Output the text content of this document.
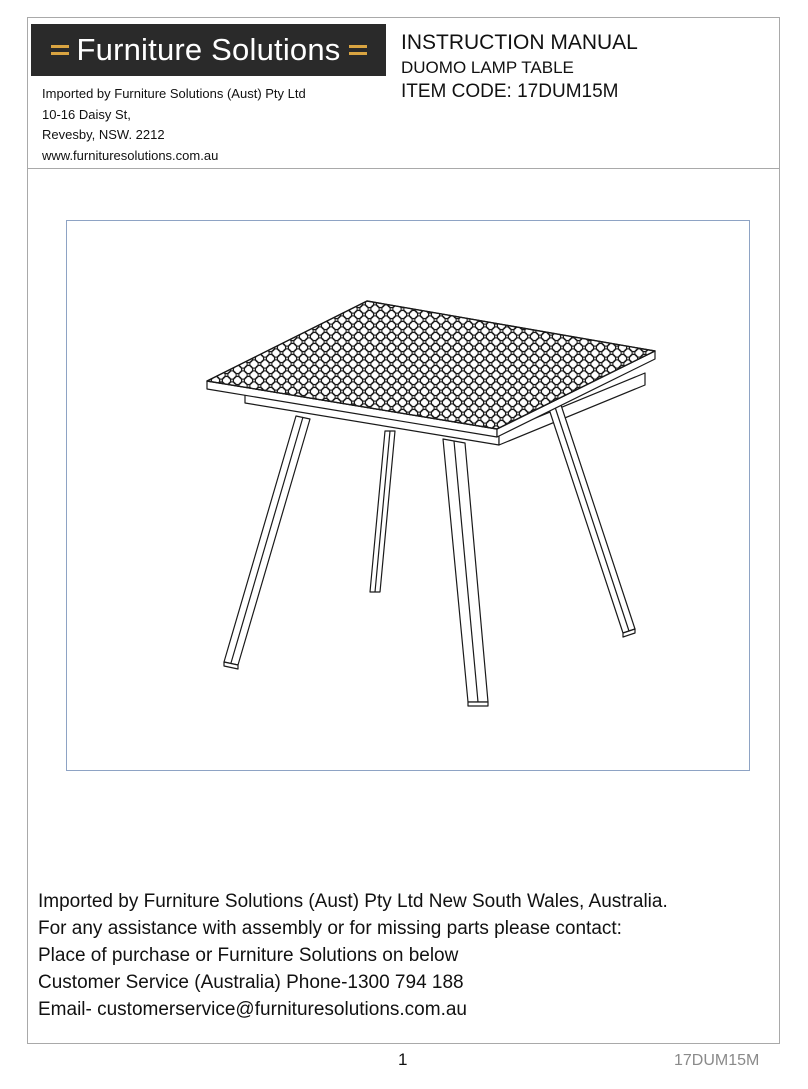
Furniture Solutions
Imported by Furniture Solutions (Aust) Pty Ltd
10-16 Daisy St,
Revesby, NSW. 2212
www.furnituresolutions.com.au
INSTRUCTION MANUAL
DUOMO LAMP TABLE
ITEM CODE: 17DUM15M
Imported by Furniture Solutions (Aust) Pty Ltd New South Wales, Australia.
For any assistance with assembly or for missing parts please contact:
Place of purchase or Furniture Solutions on below
Customer Service (Australia) Phone-1300 794 188
Email- customerservice@furnituresolutions.com.au
1	17DUM15M
